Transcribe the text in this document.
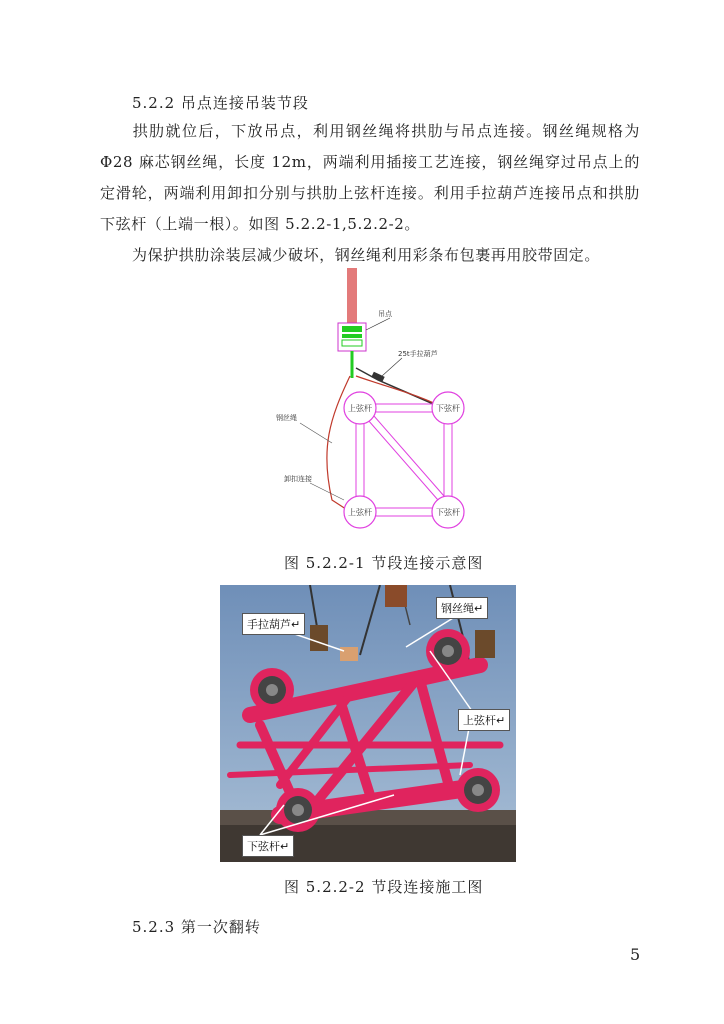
5.2.2 吊点连接吊装节段
拱肋就位后，下放吊点，利用钢丝绳将拱肋与吊点连接。钢丝绳规格为Φ28 麻芯钢丝绳，长度 12m，两端利用插接工艺连接，钢丝绳穿过吊点上的定滑轮，两端利用卸扣分别与拱肋上弦杆连接。利用手拉葫芦连接吊点和拱肋下弦杆（上端一根）。如图 5.2.2-1,5.2.2-2。
为保护拱肋涂装层减少破坏，钢丝绳利用彩条布包裹再用胶带固定。
吊点
25t手拉葫芦
钢丝绳
卸扣连接
上弦杆	下弦杆
上弦杆	下弦杆
图 5.2.2-1 节段连接示意图
手拉葫芦↵
钢丝绳↵
上弦杆↵
下弦杆↵
图 5.2.2-2 节段连接施工图
5.2.3 第一次翻转
5
